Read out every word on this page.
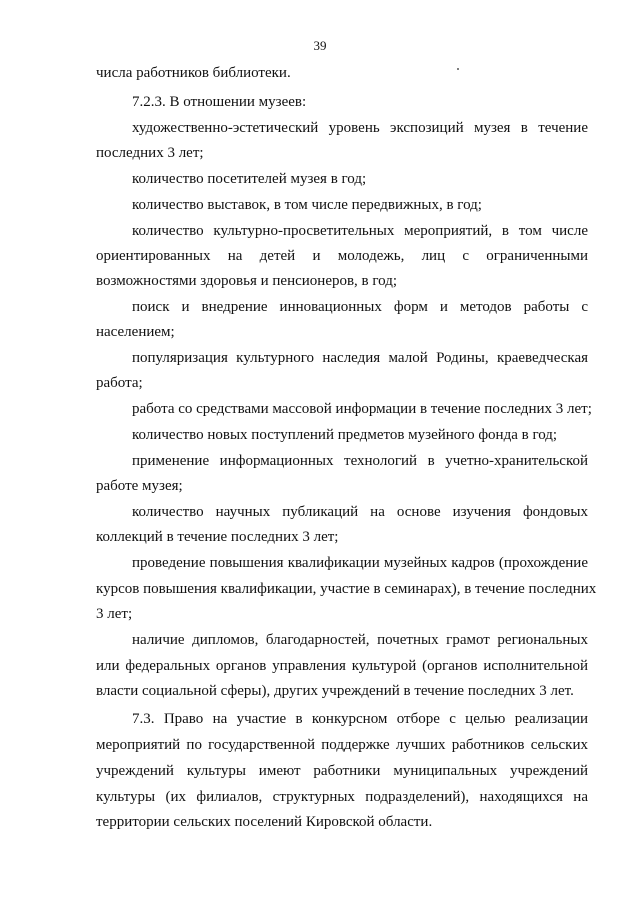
39
числа работников библиотеки.
7.2.3. В отношении музеев:
художественно-эстетический уровень экспозиций музея в течение
последних 3 лет;
количество посетителей музея в год;
количество выставок, в том числе передвижных, в год;
количество культурно-просветительных мероприятий, в том числе
ориентированных на детей и молодежь, лиц с ограниченными
возможностями здоровья и пенсионеров, в год;
поиск и внедрение инновационных форм и методов работы с
населением;
популяризация культурного наследия малой Родины, краеведческая
работа;
работа со средствами массовой информации в течение последних 3 лет;
количество новых поступлений предметов музейного фонда в год;
применение информационных технологий в учетно-хранительской
работе музея;
количество научных публикаций на основе изучения фондовых
коллекций в течение последних 3 лет;
проведение повышения квалификации музейных кадров (прохождение
курсов повышения квалификации, участие в семинарах), в течение последних
3 лет;
наличие дипломов, благодарностей, почетных грамот региональных
или федеральных органов управления культурой (органов исполнительной
власти социальной сферы), других учреждений в течение последних 3 лет.
7.3. Право на участие в конкурсном отборе с целью реализации
мероприятий по государственной поддержке лучших работников сельских
учреждений культуры имеют работники муниципальных учреждений
культуры (их филиалов, структурных подразделений), находящихся на
территории сельских поселений Кировской области.
